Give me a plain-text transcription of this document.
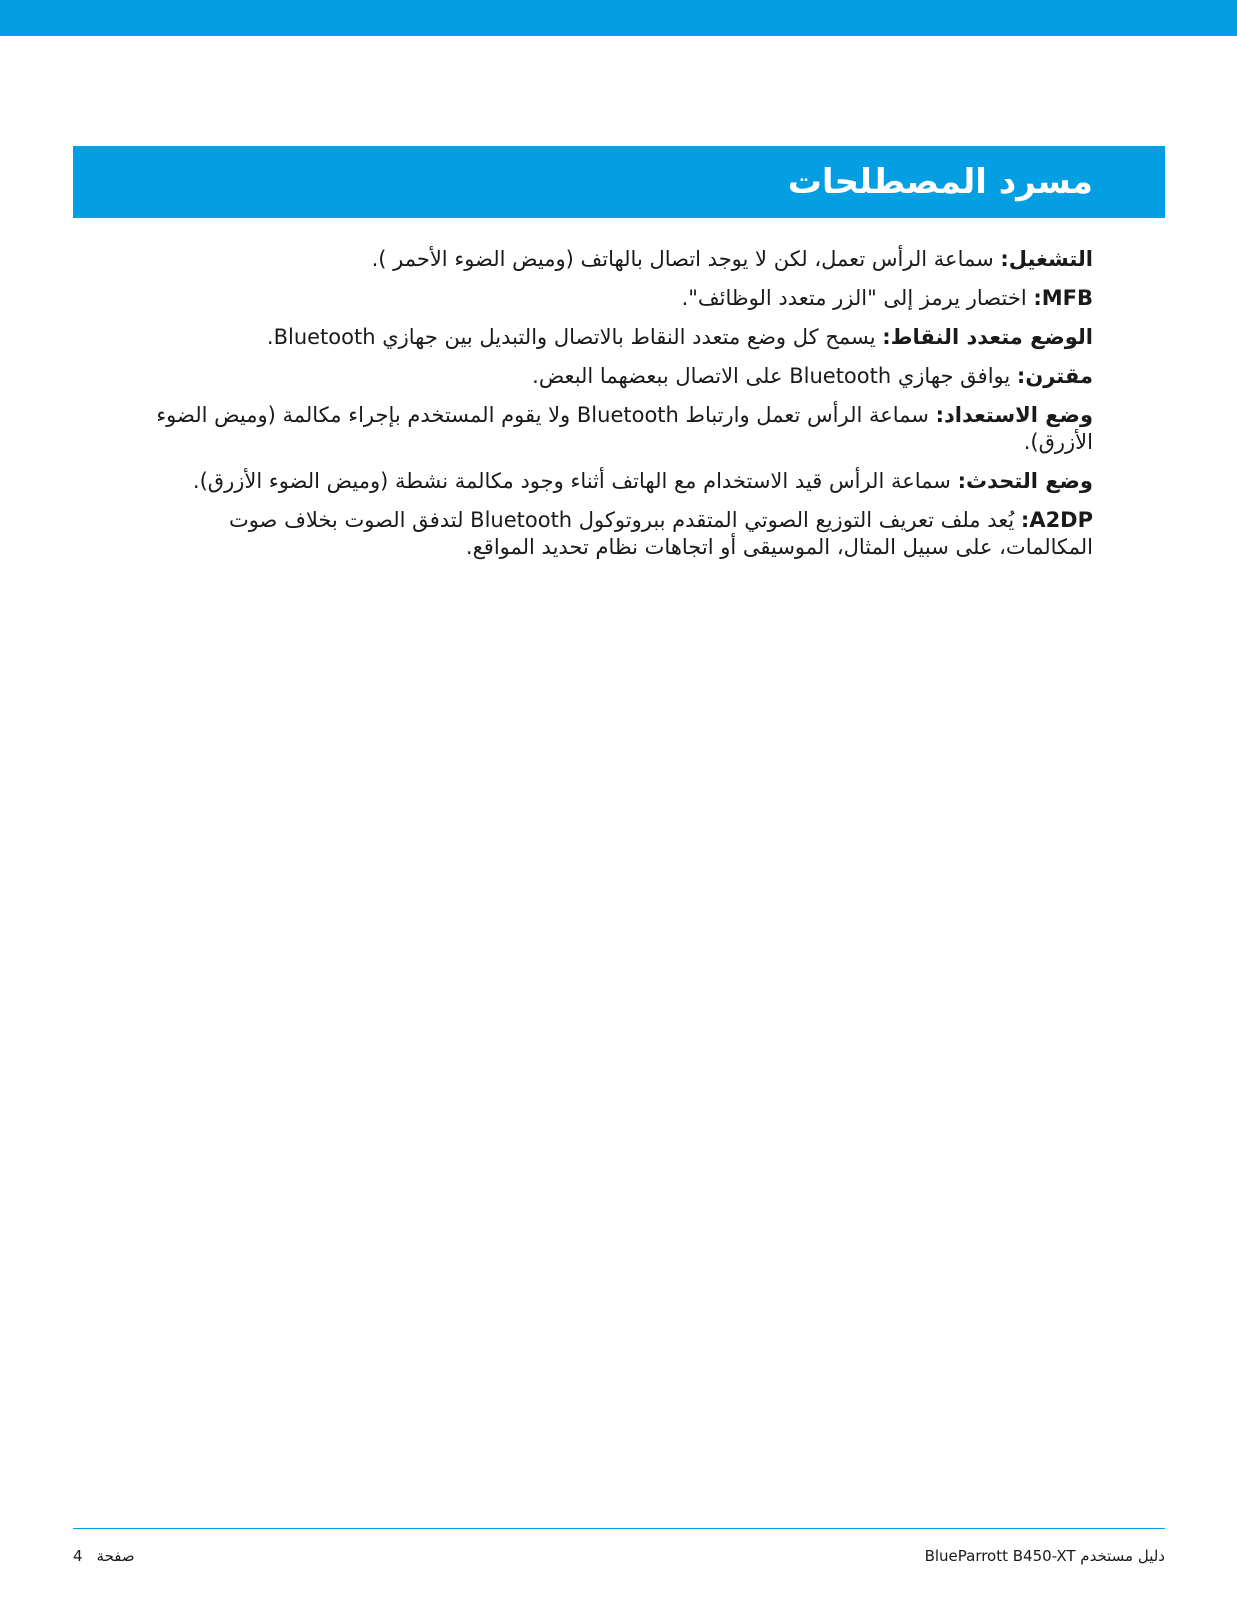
مسرد المصطلحات
التشغيل: سماعة الرأس تعمل، لكن لا يوجد اتصال بالهاتف (وميض الضوء الأحمر ).
MFB: اختصار يرمز إلى "الزر متعدد الوظائف".
الوضع متعدد النقاط: يسمح كل وضع متعدد النقاط بالاتصال والتبديل بين جهازي Bluetooth.
مقترن: يوافق جهازي Bluetooth على الاتصال ببعضهما البعض.
وضع الاستعداد: سماعة الرأس تعمل وارتباط Bluetooth ولا يقوم المستخدم بإجراء مكالمة (وميض الضوء الأزرق).
وضع التحدث: سماعة الرأس قيد الاستخدام مع الهاتف أثناء وجود مكالمة نشطة (وميض الضوء الأزرق).
A2DP: يُعد ملف تعريف التوزيع الصوتي المتقدم ببروتوكول Bluetooth لتدفق الصوت بخلاف صوت المكالمات، على سبيل المثال، الموسيقى أو اتجاهات نظام تحديد المواقع.
صفحة
4	دليل مستخدم BlueParrott B450-XT
